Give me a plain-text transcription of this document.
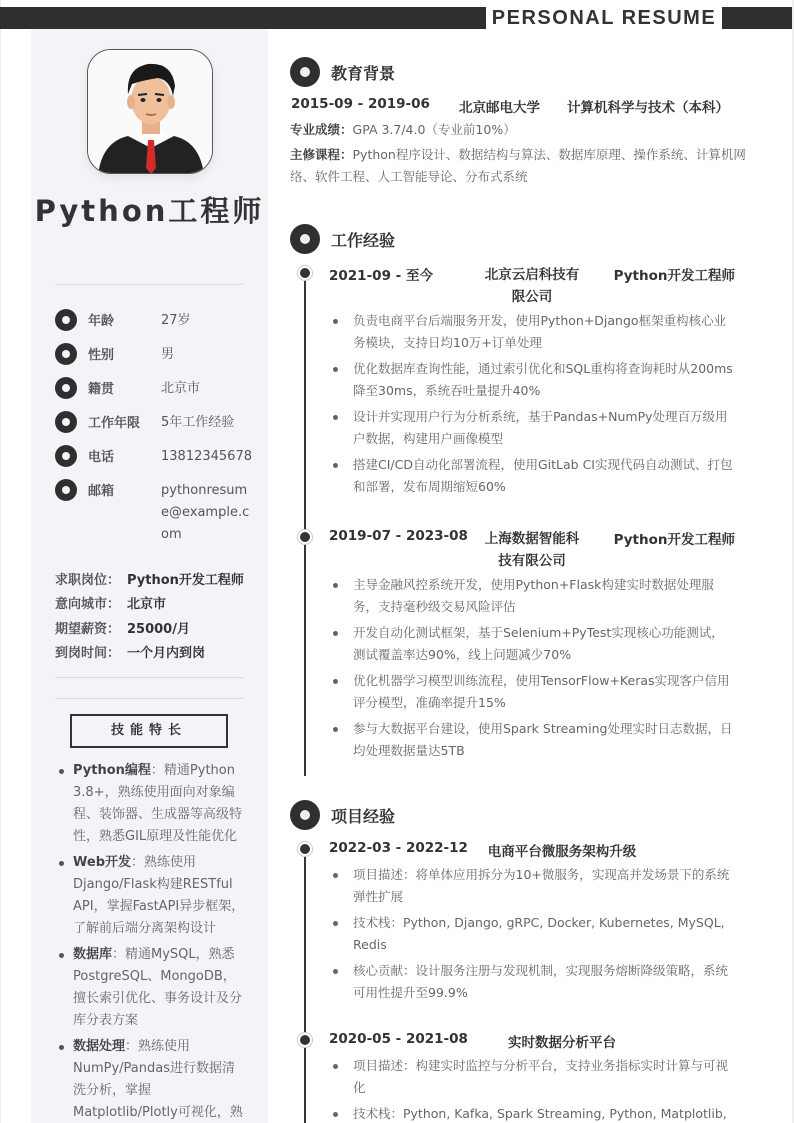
PERSONAL RESUME
Python工程师
年龄	27岁
性别	男
籍贯	北京市
工作年限 5年工作经验
电话	13812345678
邮箱	pythonresume@example.com
求职岗位： Python开发工程师
意向城市： 北京市
期望薪资： 25000/月
到岗时间： 一个月内到岗
技能特长
Python编程：精通Python 3.8+，熟练使用面向对象编程、装饰器、生成器等高级特性，熟悉GIL原理及性能优化
Web开发：熟练使用Django/Flask构建RESTful API，掌握FastAPI异步框架，了解前后端分离架构设计
数据库：精通MySQL，熟悉PostgreSQL、MongoDB，擅长索引优化、事务设计及分库分表方案
数据处理：熟练使用NumPy/Pandas进行数据清洗分析，掌握Matplotlib/Plotly可视化，熟
教育背景
2015-09 - 2019-06 北京邮电大学 计算机科学与技术（本科）
专业成绩：GPA 3.7/4.0（专业前10%）
主修课程：Python程序设计、数据结构与算法、数据库原理、操作系统、计算机网络、软件工程、人工智能导论、分布式系统
工作经验
2021-09 - 至今	北京云启科技有限公司
Python开发工程师
负责电商平台后端服务开发，使用Python+Django框架重构核心业务模块，支持日均10万+订单处理
优化数据库查询性能，通过索引优化和SQL重构将查询耗时从200ms降至30ms，系统吞吐量提升40%
设计并实现用户行为分析系统，基于Pandas+NumPy处理百万级用户数据，构建用户画像模型
搭建CI/CD自动化部署流程，使用GitLab CI实现代码自动测试、打包和部署，发布周期缩短60%
2019-07 - 2023-08	上海数据智能科技有限公司
Python开发工程师
主导金融风控系统开发，使用Python+Flask构建实时数据处理服务，支持毫秒级交易风险评估
开发自动化测试框架，基于Selenium+PyTest实现核心功能测试，测试覆盖率达90%，线上问题减少70%
优化机器学习模型训练流程，使用TensorFlow+Keras实现客户信用评分模型，准确率提升15%
参与大数据平台建设，使用Spark Streaming处理实时日志数据，日均处理数据量达5TB
项目经验
2022-03 - 2022-12	电商平台微服务架构升级
项目描述：将单体应用拆分为10+微服务，实现高并发场景下的系统弹性扩展
技术栈：Python, Django, gRPC, Docker, Kubernetes, MySQL, Redis
核心贡献：设计服务注册与发现机制，实现服务熔断降级策略，系统可用性提升至99.9%
2020-05 - 2021-08	实时数据分析平台
项目描述：构建实时监控与分析平台，支持业务指标实时计算与可视化
技术栈：Python, Kafka, Spark Streaming, Python, Matplotlib,
